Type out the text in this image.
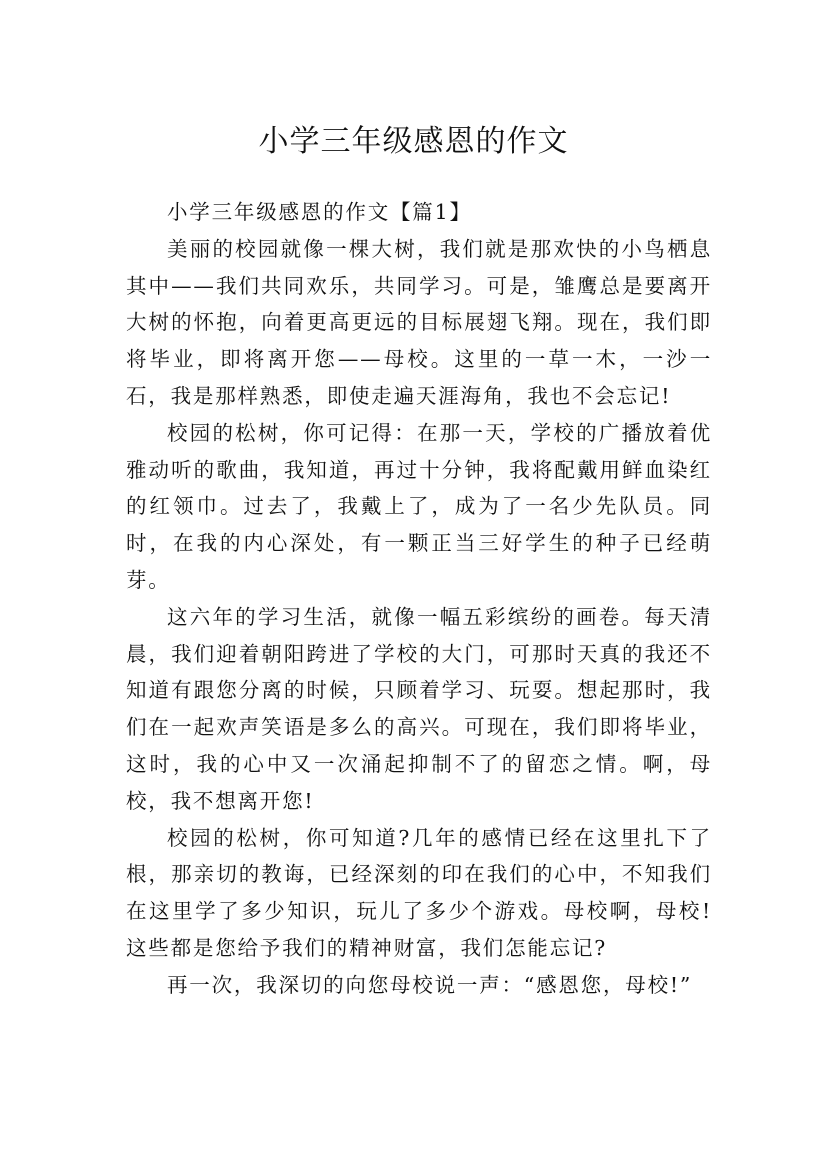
小学三年级感恩的作文

小学三年级感恩的作文【篇1】

美丽的校园就像一棵大树，我们就是那欢快的小鸟栖息其中——我们共同欢乐，共同学习。可是，雏鹰总是要离开大树的怀抱，向着更高更远的目标展翅飞翔。现在，我们即将毕业，即将离开您——母校。这里的一草一木，一沙一石，我是那样熟悉，即使走遍天涯海角，我也不会忘记!

校园的松树，你可记得：在那一天，学校的广播放着优雅动听的歌曲，我知道，再过十分钟，我将配戴用鲜血染红的红领巾。过去了，我戴上了，成为了一名少先队员。同时，在我的内心深处，有一颗正当三好学生的种子已经萌芽。

这六年的学习生活，就像一幅五彩缤纷的画卷。每天清晨，我们迎着朝阳跨进了学校的大门，可那时天真的我还不知道有跟您分离的时候，只顾着学习、玩耍。想起那时，我们在一起欢声笑语是多么的高兴。可现在，我们即将毕业，这时，我的心中又一次涌起抑制不了的留恋之情。啊，母校，我不想离开您!

校园的松树，你可知道?几年的感情已经在这里扎下了根，那亲切的教诲，已经深刻的印在我们的心中，不知我们在这里学了多少知识，玩儿了多少个游戏。母校啊，母校!这些都是您给予我们的精神财富，我们怎能忘记?

再一次，我深切的向您母校说一声：“感恩您，母校!”
